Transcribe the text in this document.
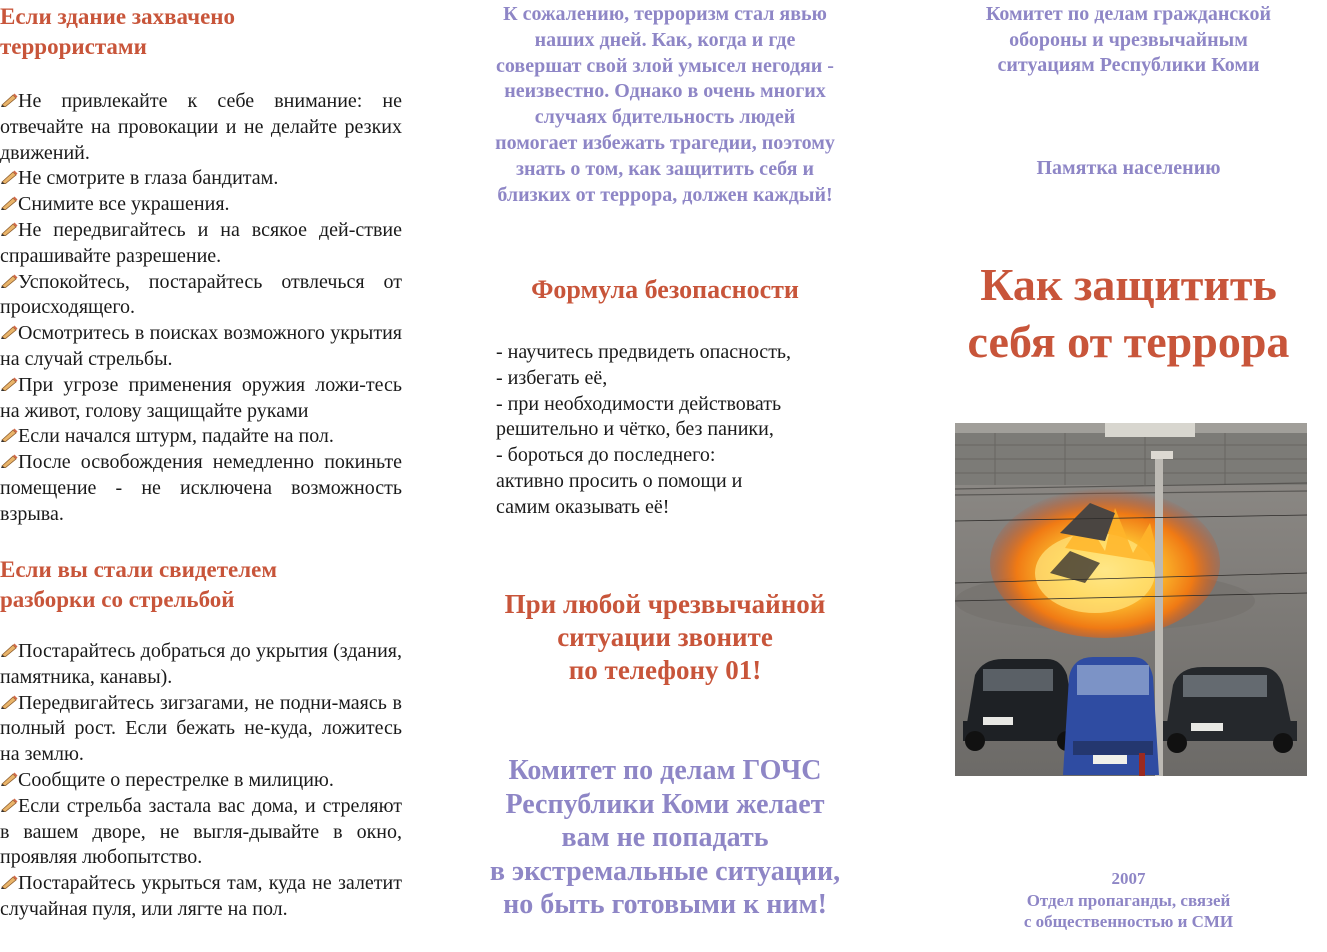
Если здание захвачено
террористами
Не привлекайте к себе внимание: не отвечайте на провокации и не делайте резких движений.
Не смотрите в глаза бандитам.
Снимите все украшения.
Не передвигайтесь и на всякое дей-ствие спрашивайте разрешение.
Успокойтесь, постарайтесь отвлечься от происходящего.
Осмотритесь в поисках возможного укрытия на случай стрельбы.
При угрозе применения оружия ложи-тесь на живот, голову защищайте руками
Если начался штурм, падайте на пол.
После освобождения немедленно покиньте помещение - не исключена возможность взрыва.
Если вы стали свидетелем
разборки со стрельбой
Постарайтесь добраться до укрытия (здания, памятника, канавы).
Передвигайтесь зигзагами, не подни-маясь в полный рост. Если бежать не-куда, ложитесь на землю.
Сообщите о перестрелке в милицию.
Если стрельба застала вас дома, и стреляют в вашем дворе, не выгля-дывайте в окно, проявляя любопытство.
Постарайтесь укрыться там, куда не залетит случайная пуля, или лягте на пол.

К сожалению, терроризм стал явью
наших дней. Как, когда и где
совершат свой злой умысел негодяи -
неизвестно. Однако в очень многих
случаях бдительность людей
помогает избежать трагедии, поэтому
знать о том, как защитить себя и
близких от террора, должен каждый!

Формула безопасности
- научитесь предвидеть опасность,
- избегать её,
- при необходимости действовать
решительно и чётко, без паники,
- бороться до последнего:
активно просить о помощи и
самим оказывать её!

При любой чрезвычайной
ситуации звоните
по телефону 01!

Комитет по делам ГОЧС
Республики Коми желает
вам не попадать
в экстремальные ситуации,
но быть готовыми к ним!

Комитет по делам гражданской
обороны и чрезвычайным
ситуациям Республики Коми

Памятка населению

Как защитить
себя от террора

2007
Отдел пропаганды, связей
с общественностью и СМИ
